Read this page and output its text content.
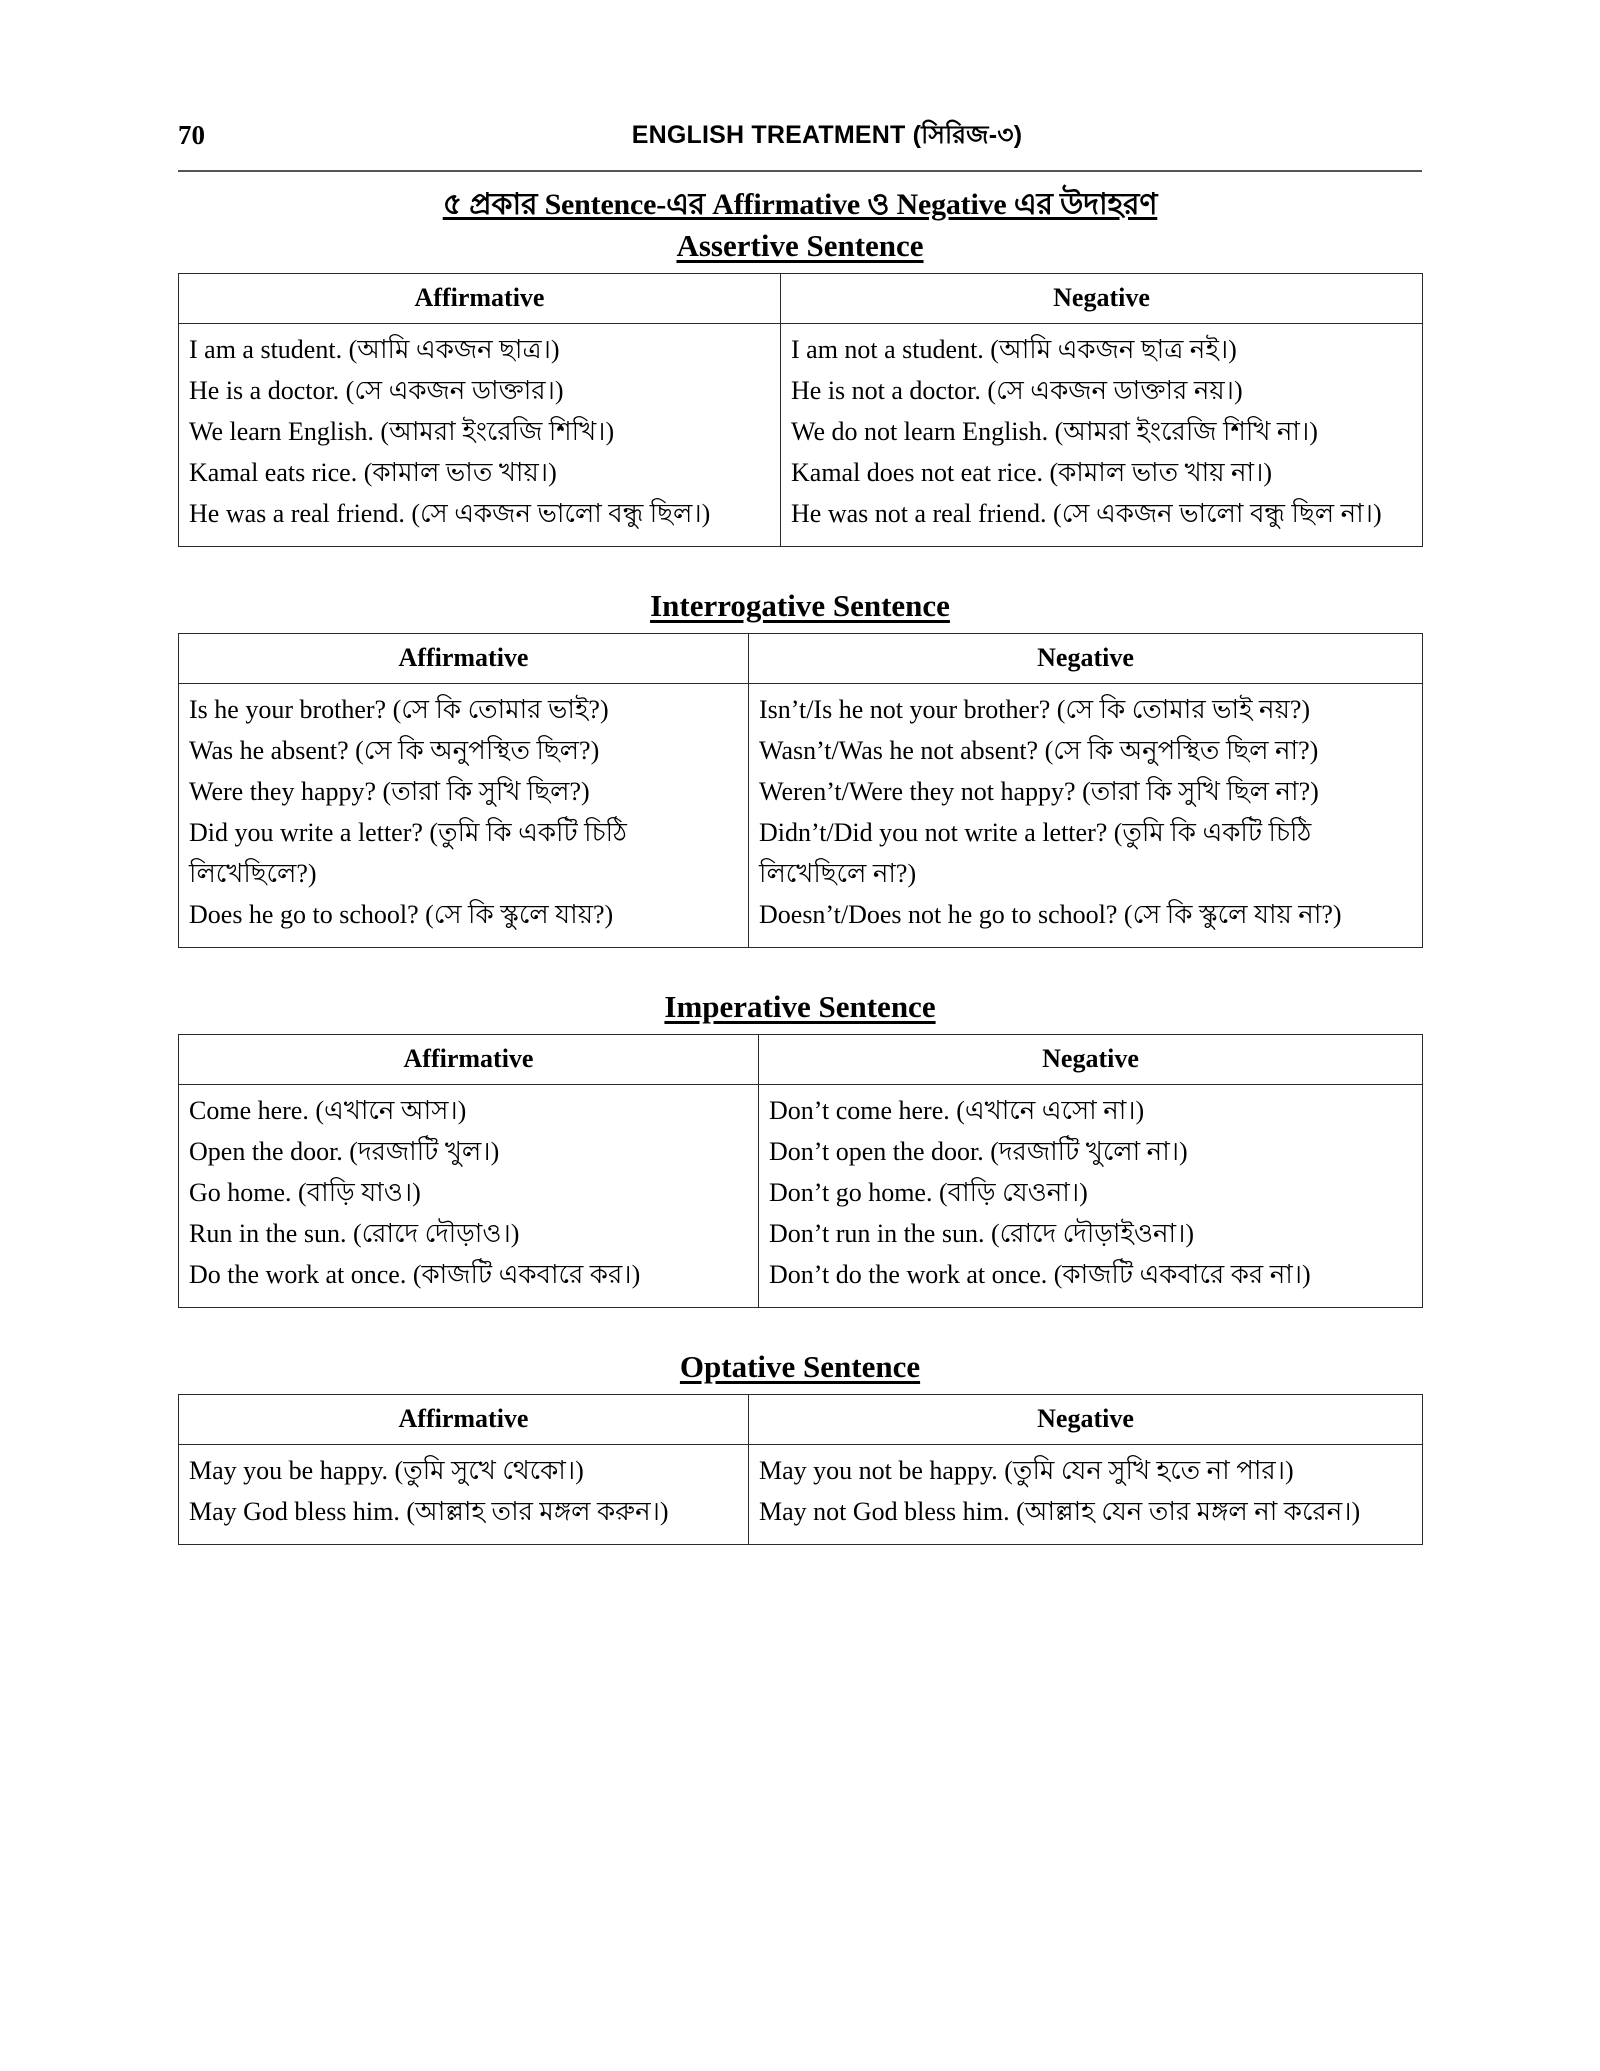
70	ENGLISH TREATMENT (সিরিজ-৩)
৫ প্রকার Sentence-এর Affirmative ও Negative এর উদাহরণ
Assertive Sentence
Affirmative	Negative

I am a student. (আমি একজন ছাত্র।)
He is a doctor. (সে একজন ডাক্তার।)
We learn English. (আমরা ইংরেজি শিখি।)
Kamal eats rice. (কামাল ভাত খায়।)
He was a real friend. (সে একজন ভালো বন্ধু ছিল।)

I am not a student. (আমি একজন ছাত্র নই।)
He is not a doctor. (সে একজন ডাক্তার নয়।)
We do not learn English. (আমরা ইংরেজি শিখি না।)
Kamal does not eat rice. (কামাল ভাত খায় না।)
He was not a real friend. (সে একজন ভালো বন্ধু ছিল না।)
Interrogative Sentence
Affirmative	Negative

Is he your brother? (সে কি তোমার ভাই?)
Was he absent? (সে কি অনুপস্থিত ছিল?)
Were they happy? (তারা কি সুখি ছিল?)
Did you write a letter? (তুমি কি একটি চিঠি লিখেছিলে?)
Does he go to school? (সে কি স্কুলে যায়?)

Isn’t/Is he not your brother? (সে কি তোমার ভাই নয়?)
Wasn’t/Was he not absent? (সে কি অনুপস্থিত ছিল না?)
Weren’t/Were they not happy? (তারা কি সুখি ছিল না?)
Didn’t/Did you not write a letter? (তুমি কি একটি চিঠি লিখেছিলে না?)
Doesn’t/Does not he go to school? (সে কি স্কুলে যায় না?)
Imperative Sentence
Affirmative	Negative

Come here. (এখানে আস।)
Open the door. (দরজাটি খুল।)
Go home. (বাড়ি যাও।)
Run in the sun. (রোদে দৌড়াও।)
Do the work at once. (কাজটি একবারে কর।)

Don’t come here. (এখানে এসো না।)
Don’t open the door. (দরজাটি খুলো না।)
Don’t go home. (বাড়ি যেওনা।)
Don’t run in the sun. (রোদে দৌড়াইওনা।)
Don’t do the work at once. (কাজটি একবারে কর না।)
Optative Sentence
Affirmative	Negative

May you be happy. (তুমি সুখে থেকো।)
May God bless him. (আল্লাহ তার মঙ্গল করুন।)

May you not be happy. (তুমি যেন সুখি হতে না পার।)
May not God bless him. (আল্লাহ যেন তার মঙ্গল না করেন।)
